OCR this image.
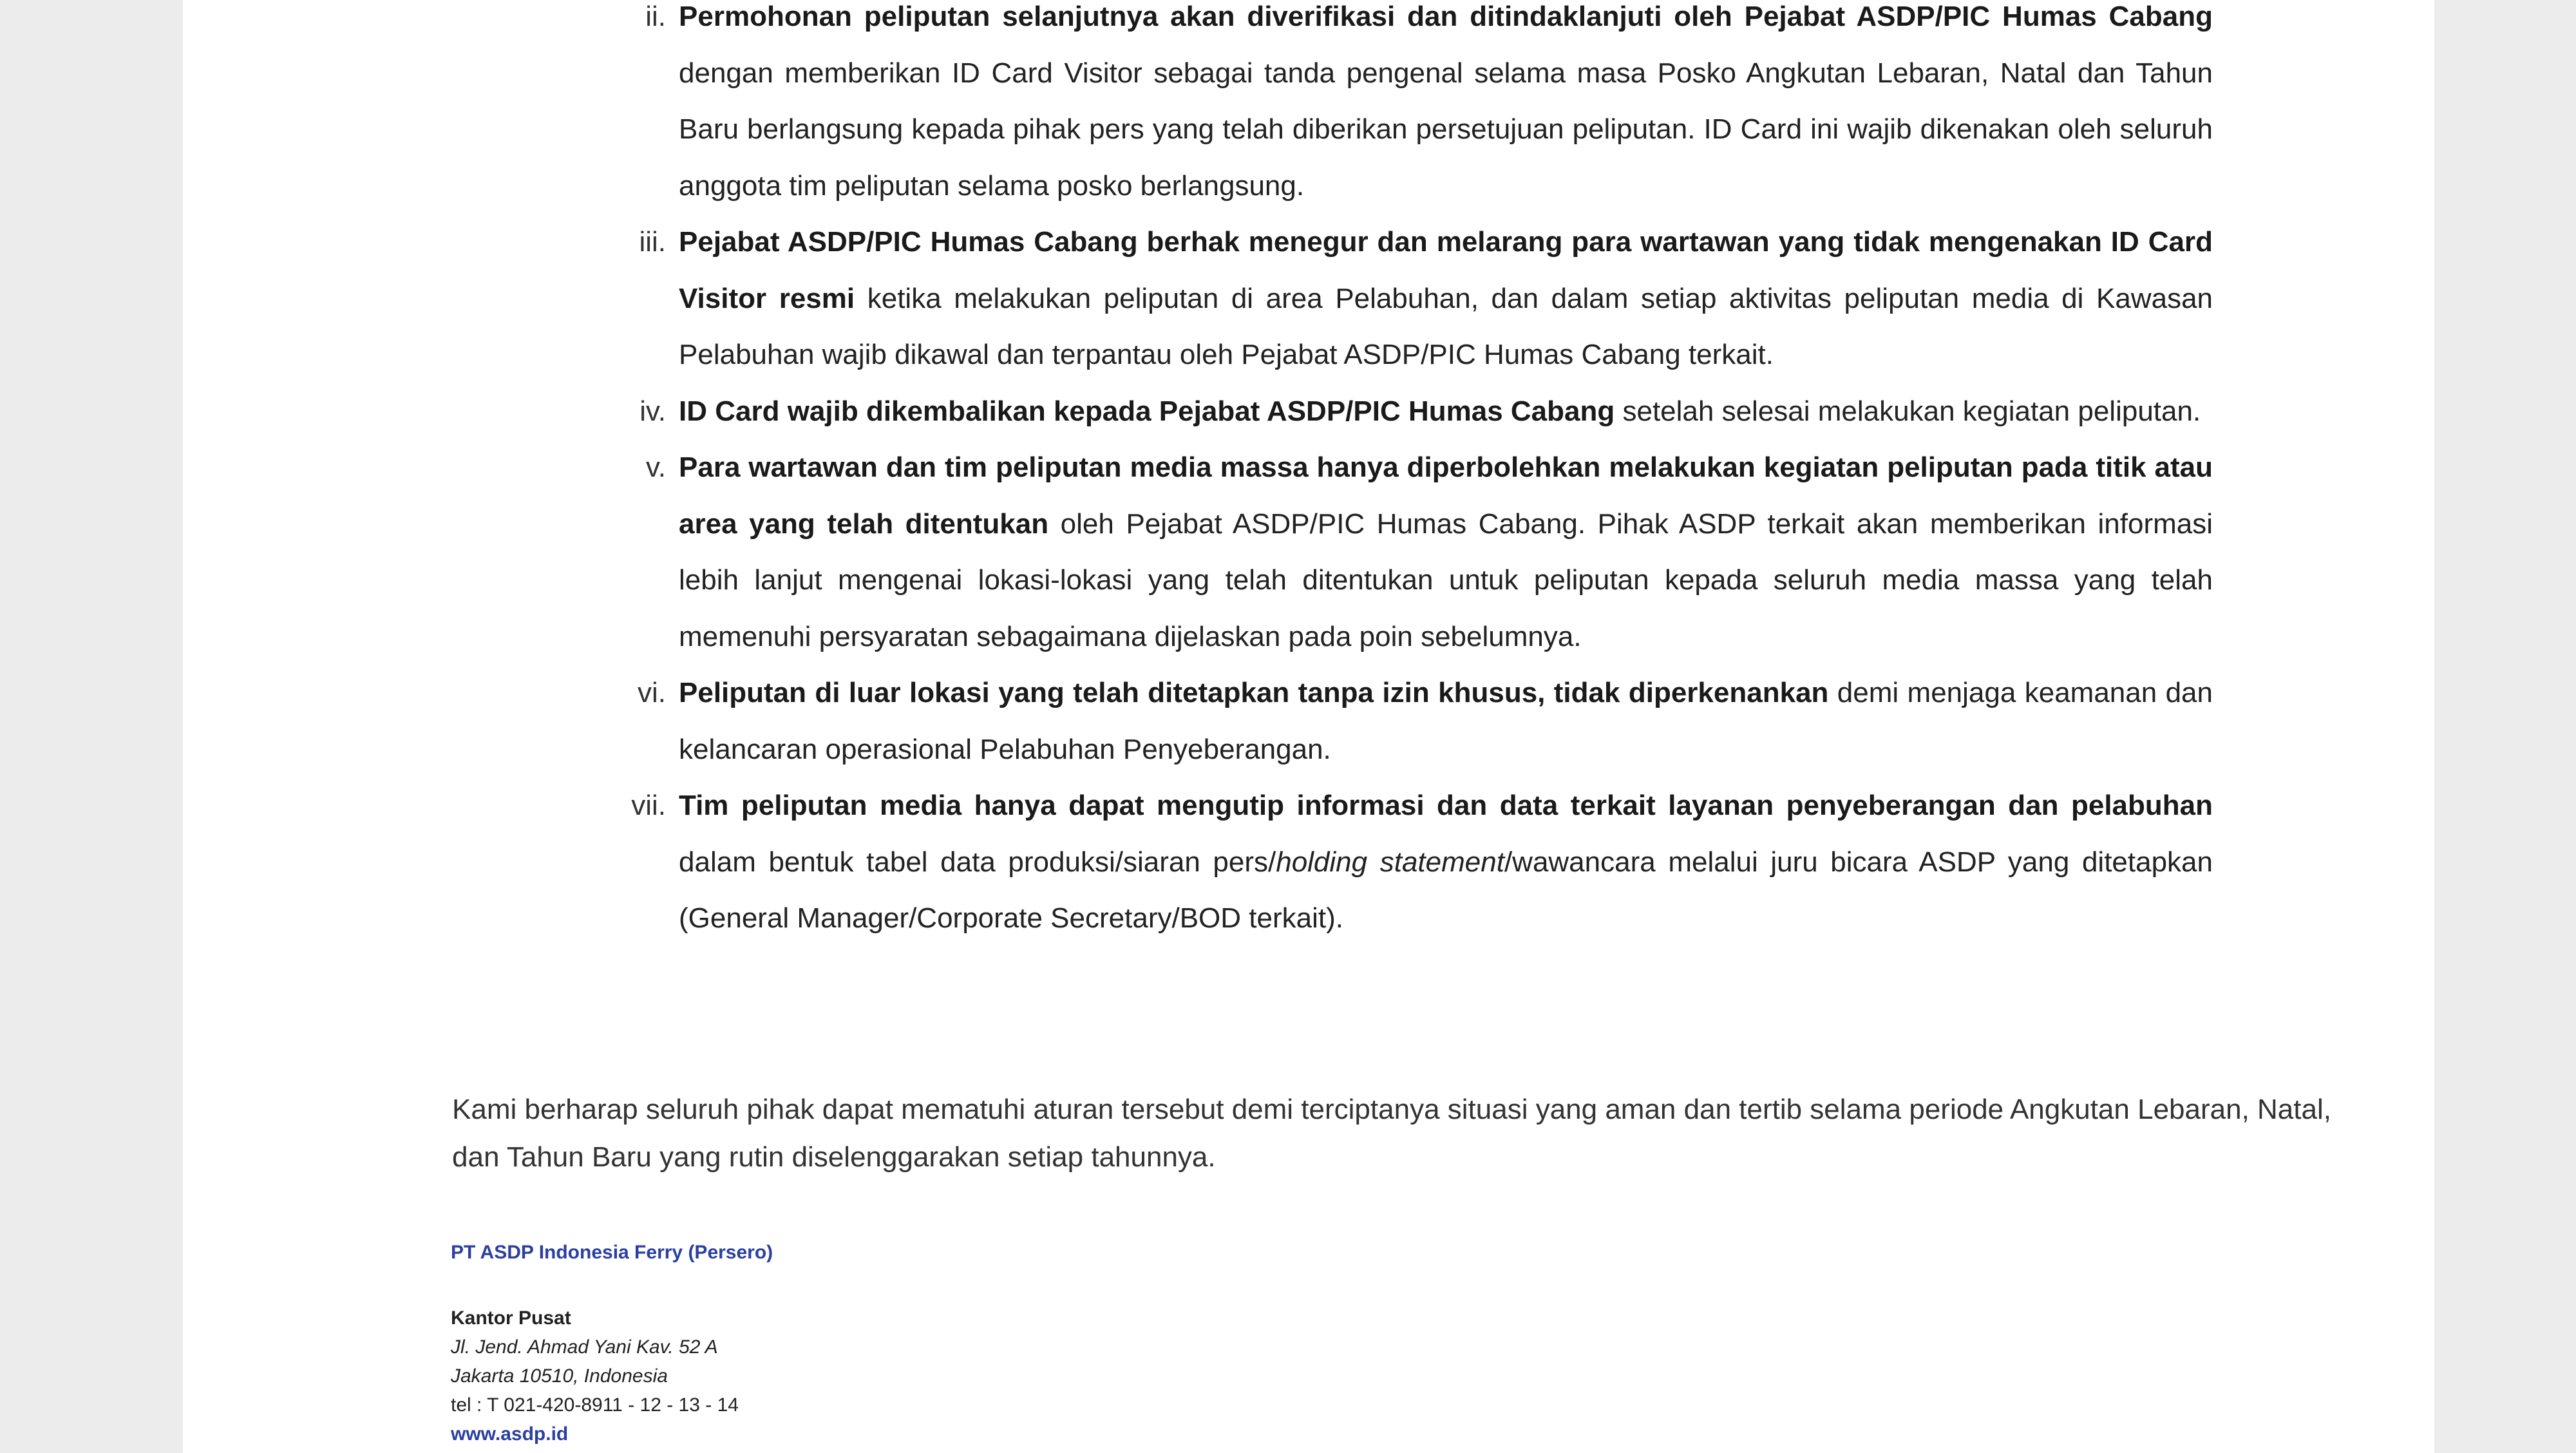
ii. Permohonan peliputan selanjutnya akan diverifikasi dan ditindaklanjuti oleh Pejabat ASDP/PIC Humas Cabang dengan memberikan ID Card Visitor sebagai tanda pengenal selama masa Posko Angkutan Lebaran, Natal dan Tahun Baru berlangsung kepada pihak pers yang telah diberikan persetujuan peliputan. ID Card ini wajib dikenakan oleh seluruh anggota tim peliputan selama posko berlangsung.
iii. Pejabat ASDP/PIC Humas Cabang berhak menegur dan melarang para wartawan yang tidak mengenakan ID Card Visitor resmi ketika melakukan peliputan di area Pelabuhan, dan dalam setiap aktivitas peliputan media di Kawasan Pelabuhan wajib dikawal dan terpantau oleh Pejabat ASDP/PIC Humas Cabang terkait.
iv. ID Card wajib dikembalikan kepada Pejabat ASDP/PIC Humas Cabang setelah selesai melakukan kegiatan peliputan.
v. Para wartawan dan tim peliputan media massa hanya diperbolehkan melakukan kegiatan peliputan pada titik atau area yang telah ditentukan oleh Pejabat ASDP/PIC Humas Cabang. Pihak ASDP terkait akan memberikan informasi lebih lanjut mengenai lokasi-lokasi yang telah ditentukan untuk peliputan kepada seluruh media massa yang telah memenuhi persyaratan sebagaimana dijelaskan pada poin sebelumnya.
vi. Peliputan di luar lokasi yang telah ditetapkan tanpa izin khusus, tidak diperkenankan demi menjaga keamanan dan kelancaran operasional Pelabuhan Penyeberangan.
vii. Tim peliputan media hanya dapat mengutip informasi dan data terkait layanan penyeberangan dan pelabuhan dalam bentuk tabel data produksi/siaran pers/holding statement/wawancara melalui juru bicara ASDP yang ditetapkan (General Manager/Corporate Secretary/BOD terkait).
Kami berharap seluruh pihak dapat mematuhi aturan tersebut demi terciptanya situasi yang aman dan tertib selama periode Angkutan Lebaran, Natal, dan Tahun Baru yang rutin diselenggarakan setiap tahunnya.
PT ASDP Indonesia Ferry (Persero)
Kantor Pusat
Jl. Jend. Ahmad Yani Kav. 52 A
Jakarta 10510, Indonesia
tel : T 021-420-8911 - 12 - 13 - 14
www.asdp.id
